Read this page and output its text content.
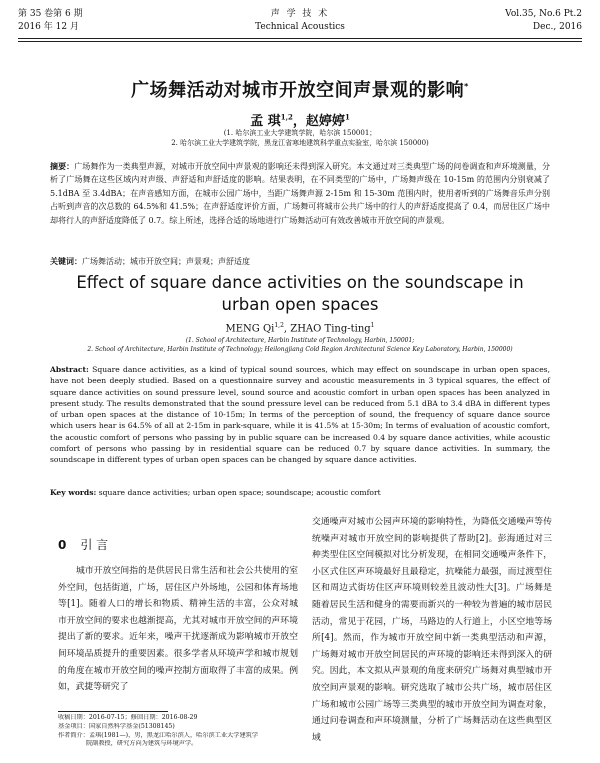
第 35 卷第 6 期
2016 年 12 月
声 学 技 术
Technical Acoustics
Vol.35, No.6 Pt.2
Dec., 2016
广场舞活动对城市开放空间声景观的影响*
孟 琪$^{1,2}$，赵婷婷$^1$
(1. 哈尔滨工业大学建筑学院，哈尔滨 150001；
2. 哈尔滨工业大学建筑学院，黑龙江省寒地建筑科学重点实验室，哈尔滨 150000)
摘要：广场舞作为一类典型声源，对城市开放空间中声景观的影响还未得到深入研究。本文通过对三类典型广场的问卷调查和声环境测量，分析了广场舞在这些区域内对声级、声舒适和声舒适度的影响。结果表明，在不同类型的广场中，广场舞声级在 10-15m 的范围内分别衰减了 5.1dBA 至 3.4dBA；在声音感知方面，在城市公园广场中，当距广场舞声源 2-15m 和 15-30m 范围内时，使用者听到的广场舞音乐声分别占听到声音的次总数的 64.5%和 41.5%；在声舒适度评价方面，广场舞可将城市公共广场中的行人的声舒适度提高了 0.4，而居住区广场中却将行人的声舒适度降低了 0.7。综上所述，选择合适的场地进行广场舞活动可有效改善城市开放空间的声景观。
关键词：广场舞活动；城市开放空间；声景观；声舒适度
Effect of square dance activities on the soundscape in urban open spaces
MENG Qi$^{1,2}$, ZHAO Ting-ting$^1$
(1. School of Architecture, Harbin Institute of Technology, Harbin, 150001;
2. School of Architecture, Harbin Institute of Technology; Heilongjiang Cold Region Architectural Science Key Laboratory, Harbin, 150000)
Abstract: Square dance activities, as a kind of typical sound sources, which may effect on soundscape in urban open spaces, have not been deeply studied. Based on a questionnaire survey and acoustic measurements in 3 typical squares, the effect of square dance activities on sound pressure level, sound source and acoustic comfort in urban open spaces has been analyzed in present study. The results demonstrated that the sound pressure level can be reduced from 5.1 dBA to 3.4 dBA in different types of urban open spaces at the distance of 10-15m; In terms of the perception of sound, the frequency of square dance source which users hear is 64.5% of all at 2-15m in park-square, while it is 41.5% at 15-30m; In terms of evaluation of acoustic comfort, the acoustic comfort of persons who passing by in public square can be increased 0.4 by square dance activities, while acoustic comfort of persons who passing by in residential square can be reduced 0.7 by square dance activities. In summary, the soundscape in different types of urban open spaces can be changed by square dance activities.
Key words: square dance activities; urban open space; soundscape; acoustic comfort
0 引 言
城市开放空间指的是供居民日常生活和社会公共使用的室外空间，包括街道，广场，居住区户外场地，公园和体育场地等[1]。随着人口的增长和物质、精神生活的丰富，公众对城市开放空间的要求也越渐提高，尤其对城市开放空间的声环境提出了新的要求。近年来，噪声干扰逐渐成为影响城市开放空间环境品质提升的重要因素。很多学者从环境声学和城市规划的角度在城市开放空间的噪声控制方面取得了丰富的成果。例如，武捷等研究了
交通噪声对城市公园声环境的影响特性，为降低交通噪声等传统噪声对城市开放空间的影响提供了帮助[2]。彭海通过对三种类型住区空间模拟对比分析发现，在相同交通噪声条件下，小区式住区声环境最好且最稳定，抗噪能力最强，而过渡型住区和周边式街坊住区声环境则较差且波动性大[3]。广场舞是随着居民生活和健身的需要而新兴的一种较为普遍的城市居民活动，常见于花园，广场，马路边的人行道上，小区空地等场所[4]。然而，作为城市开放空间中新一类典型活动和声源，广场舞对城市开放空间居民的声环境的影响还未得到深入的研究。因此，本文拟从声景观的角度来研究广场舞对典型城市开放空间声景观的影响。研究选取了城市公共广场，城市居住区广场和城市公园广场等三类典型的城市开放空间为调查对象，通过问卷调查和声环境测量，分析了广场舞活动在这些典型区域
收稿日期：2016-07-15；修回日期：2016-08-29
基金项目：国家自然科学基金(51308145)
作者简介：孟琪(1981—)，男，黑龙江哈尔滨人，哈尔滨工业大学建筑学
院副教授，研究方向为建筑与环境声学。
